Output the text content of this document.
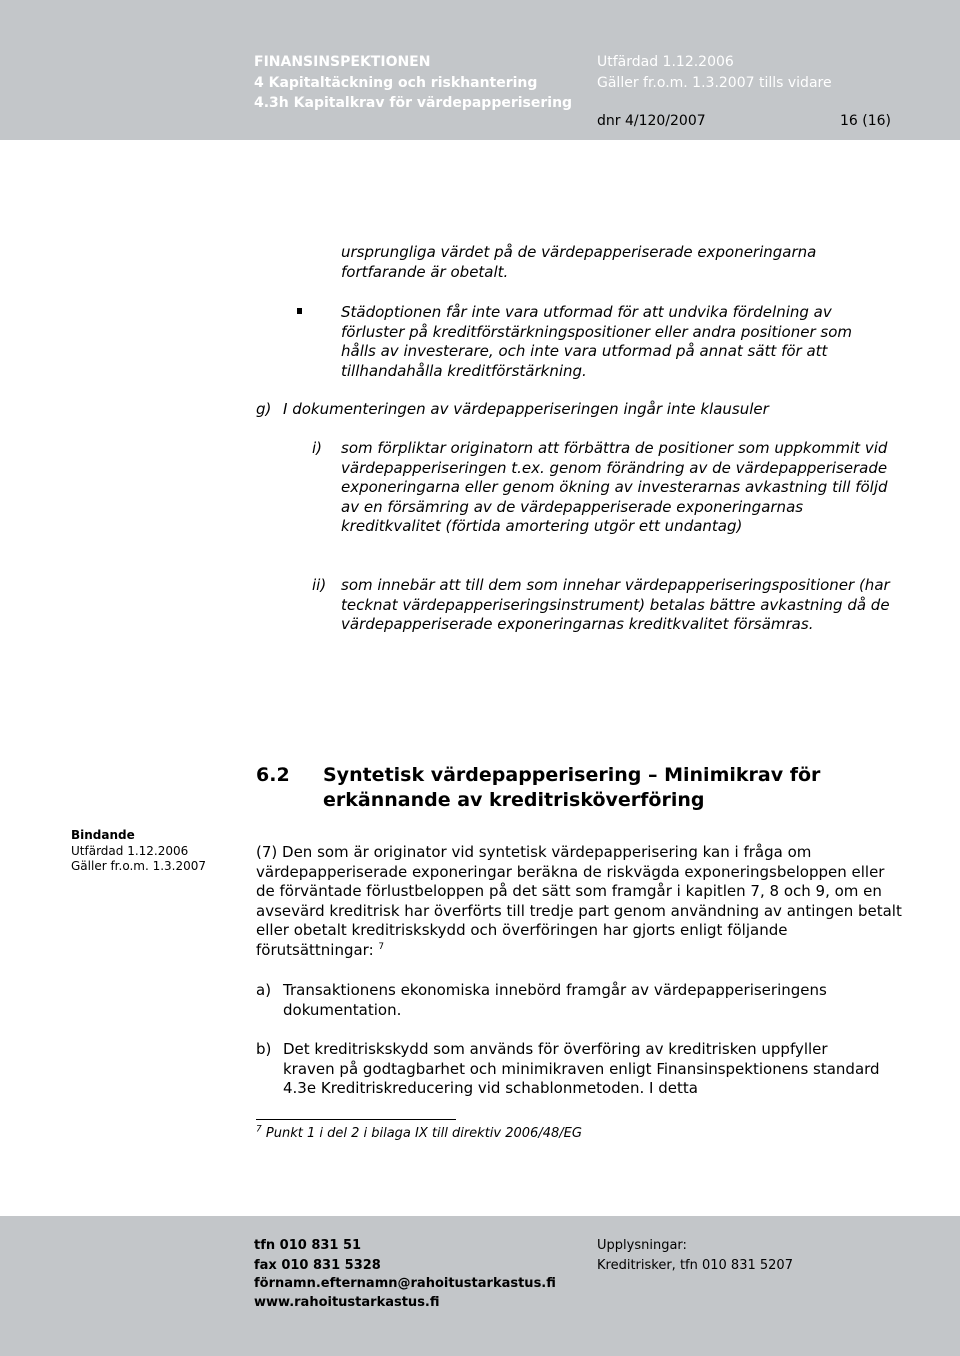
FINANSINSPEKTIONEN
4 Kapitaltäckning och riskhantering
4.3h Kapitalkrav för värdepapperisering
Utfärdad 1.12.2006
Gäller fr.o.m. 1.3.2007 tills vidare
dnr 4/120/2007	16 (16)
ursprungliga värdet på de värdepapperiserade exponeringarna fortfarande är obetalt.
Städoptionen får inte vara utformad för att undvika fördelning av förluster på kreditförstärkningspositioner eller andra positioner som hålls av investerare, och inte vara utformad på annat sätt för att tillhandahålla kreditförstärkning.
g) I dokumenteringen av värdepapperiseringen ingår inte klausuler
i) som förpliktar originatorn att förbättra de positioner som uppkommit vid värdepapperiseringen t.ex. genom förändring av de värdepapperiserade exponeringarna eller genom ökning av investerarnas avkastning till följd av en försämring av de värdepapperiserade exponeringarnas kreditkvalitet (förtida amortering utgör ett undantag)
ii) som innebär att till dem som innehar värdepapperiseringspositioner (har tecknat värdepapperiseringsinstrument) betalas bättre avkastning då de värdepapperiserade exponeringarnas kreditkvalitet försämras.
6.2 Syntetisk värdepapperisering – Minimikrav för erkännande av kreditrisköverföring
Bindande
Utfärdad 1.12.2006
Gäller fr.o.m. 1.3.2007
(7) Den som är originator vid syntetisk värdepapperisering kan i fråga om värdepapperiserade exponeringar beräkna de riskvägda exponeringsbeloppen eller de förväntade förlustbeloppen på det sätt som framgår i kapitlen 7, 8 och 9, om en avsevärd kreditrisk har överförts till tredje part genom användning av antingen betalt eller obetalt kreditriskskydd och överföringen har gjorts enligt följande förutsättningar: $^7$
a) Transaktionens ekonomiska innebörd framgår av värdepapperiseringens dokumentation.
b) Det kreditriskskydd som används för överföring av kreditrisken uppfyller kraven på godtagbarhet och minimikraven enligt Finansinspektionens standard 4.3e Kreditriskreducering vid schablonmetoden. I detta
$^7$ Punkt 1 i del 2 i bilaga IX till direktiv 2006/48/EG
tfn 010 831 51
fax 010 831 5328
förnamn.efternamn@rahoitustarkastus.fi
www.rahoitustarkastus.fi
Upplysningar:
Kreditrisker, tfn 010 831 5207
